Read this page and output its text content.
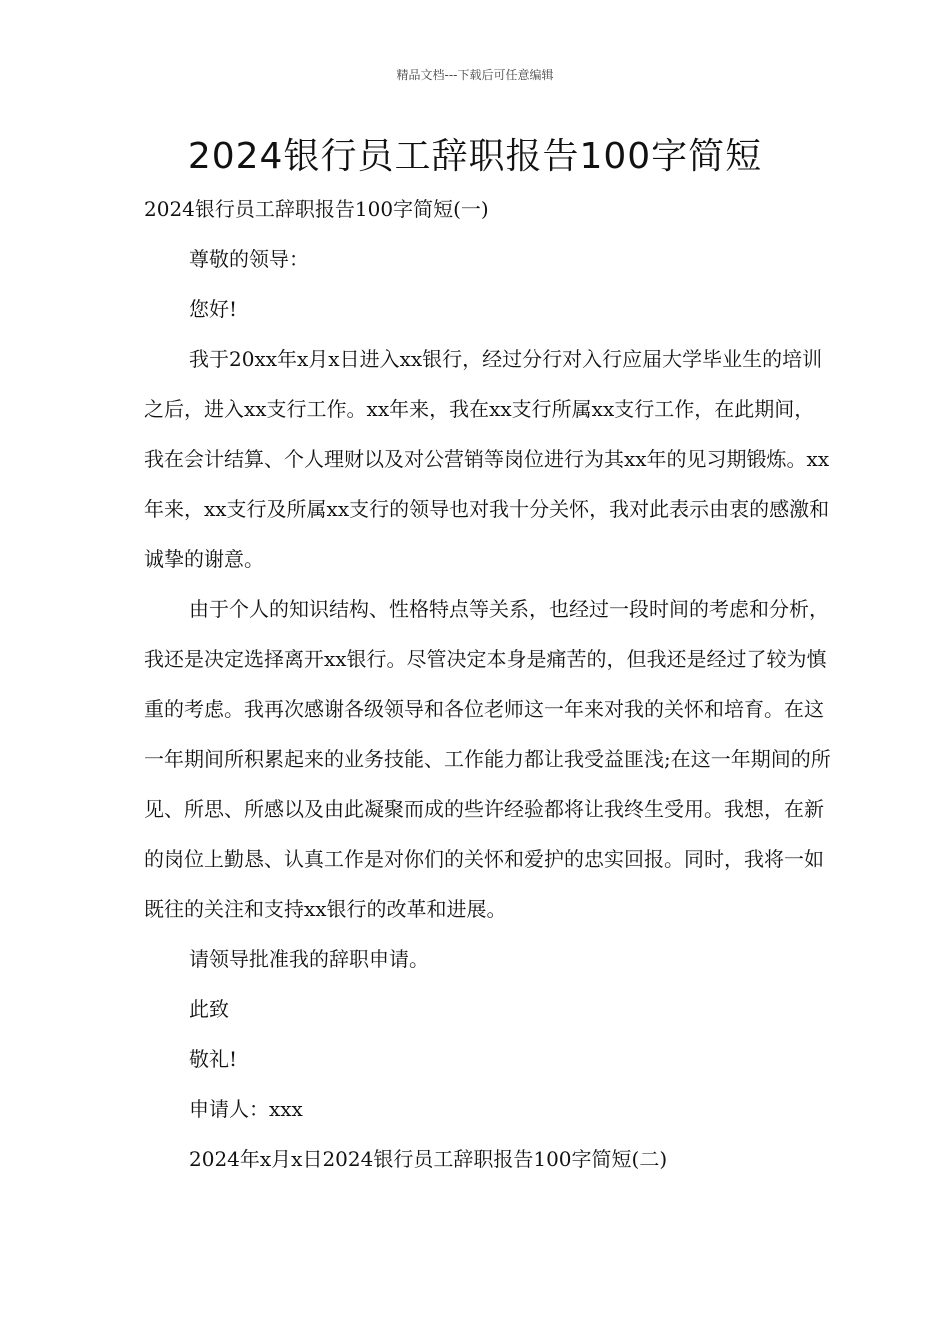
精品文档---下载后可任意编辑
2024银行员工辞职报告100字简短

2024银行员工辞职报告100字简短(一)

尊敬的领导：

您好!

我于20xx年x月x日进入xx银行，经过分行对入行应届大学毕业生的培训之后，进入xx支行工作。xx年来，我在xx支行所属xx支行工作，在此期间，我在会计结算、个人理财以及对公营销等岗位进行为其xx年的见习期锻炼。xx年来，xx支行及所属xx支行的领导也对我十分关怀，我对此表示由衷的感激和诚挚的谢意。

由于个人的知识结构、性格特点等关系，也经过一段时间的考虑和分析，我还是决定选择离开xx银行。尽管决定本身是痛苦的，但我还是经过了较为慎重的考虑。我再次感谢各级领导和各位老师这一年来对我的关怀和培育。在这一年期间所积累起来的业务技能、工作能力都让我受益匪浅;在这一年期间的所见、所思、所感以及由此凝聚而成的些许经验都将让我终生受用。我想，在新的岗位上勤恳、认真工作是对你们的关怀和爱护的忠实回报。同时，我将一如既往的关注和支持xx银行的改革和进展。

请领导批准我的辞职申请。

此致

敬礼!

申请人：xxx

2024年x月x日2024银行员工辞职报告100字简短(二)
